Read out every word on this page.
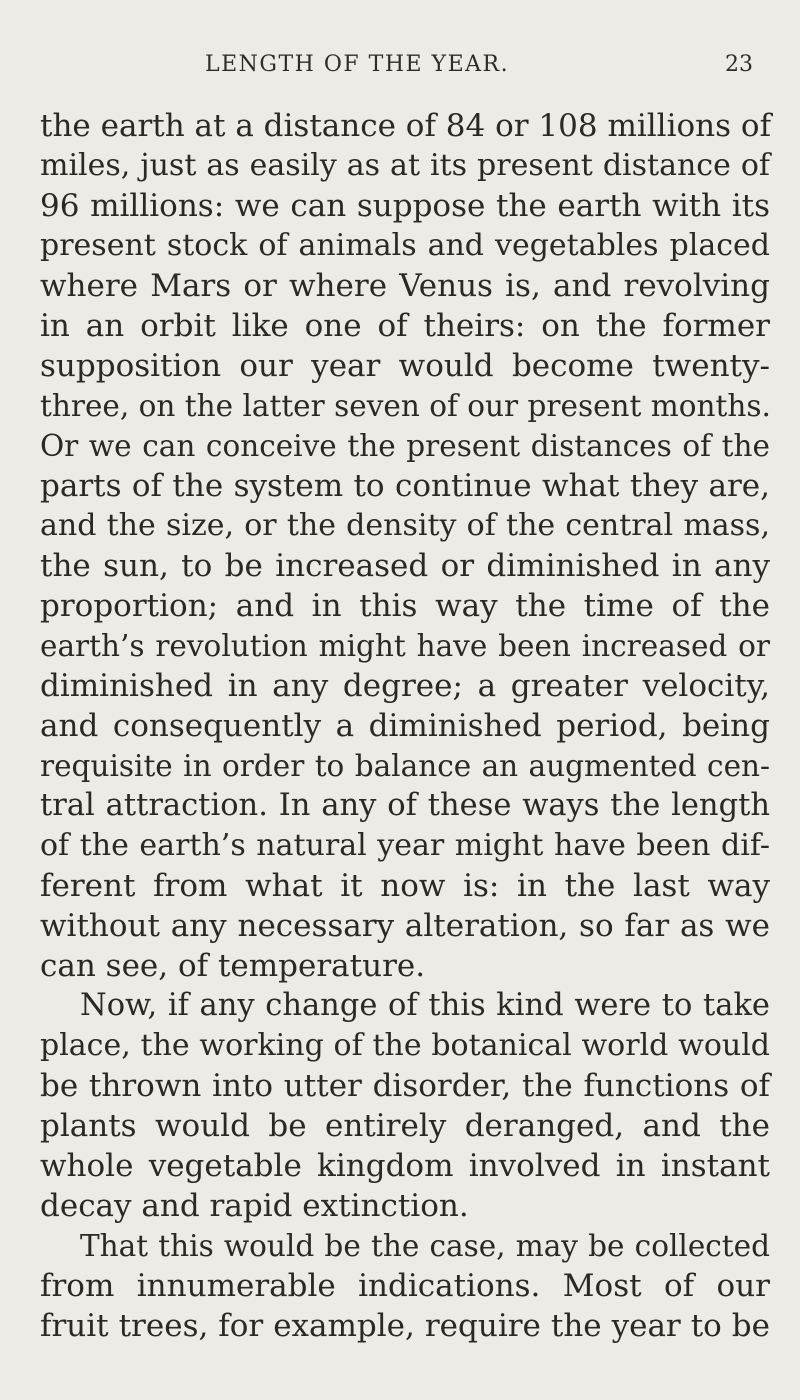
LENGTH OF THE YEAR.	23
the earth at a distance of 84 or 108 millions of
miles, just as easily as at its present distance of
96 millions: we can suppose the earth with its
present stock of animals and vegetables placed
where Mars or where Venus is, and revolving
in an orbit like one of theirs: on the former
supposition our year would become twenty-
three, on the latter seven of our present months.
Or we can conceive the present distances of the
parts of the system to continue what they are,
and the size, or the density of the central mass,
the sun, to be increased or diminished in any
proportion; and in this way the time of the
earth’s revolution might have been increased or
diminished in any degree; a greater velocity,
and consequently a diminished period, being
requisite in order to balance an augmented cen-
tral attraction. In any of these ways the length
of the earth’s natural year might have been dif-
ferent from what it now is: in the last way
without any necessary alteration, so far as we
can see, of temperature.
Now, if any change of this kind were to take
place, the working of the botanical world would
be thrown into utter disorder, the functions of
plants would be entirely deranged, and the
whole vegetable kingdom involved in instant
decay and rapid extinction.
That this would be the case, may be collected
from innumerable indications. Most of our
fruit trees, for example, require the year to be
